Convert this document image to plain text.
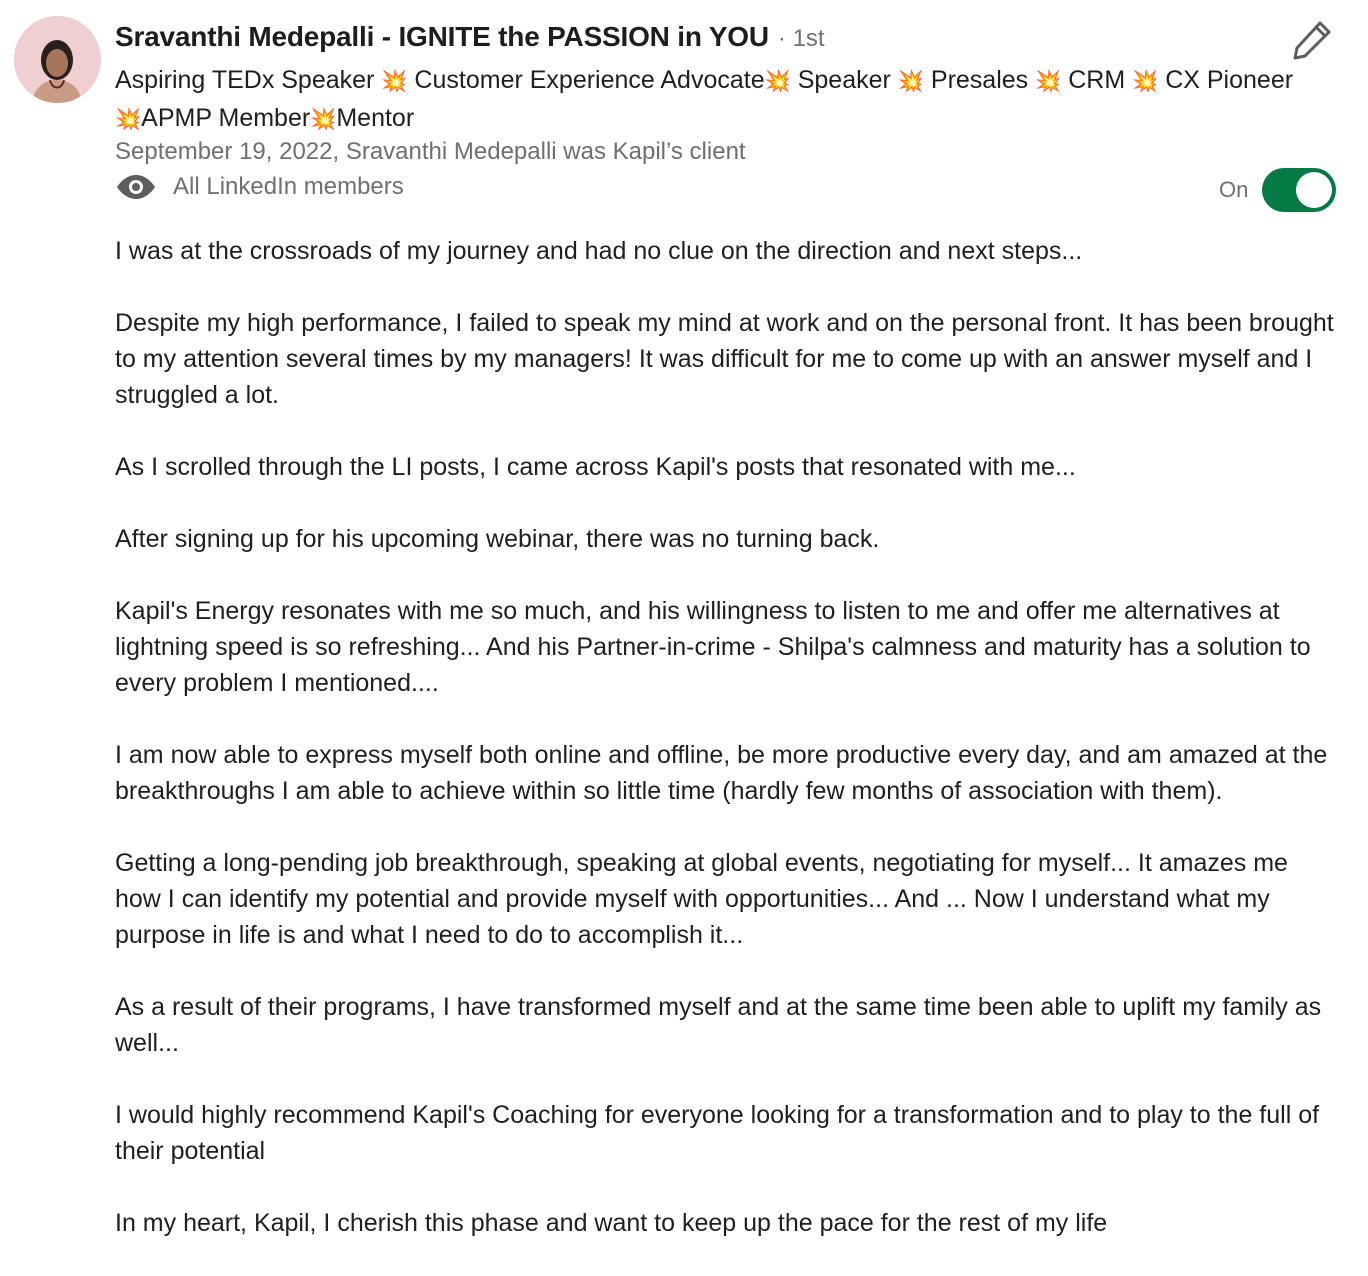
Sravanthi Medepalli - IGNITE the PASSION in YOU · 1st
Aspiring TEDx Speaker 💥 Customer Experience Advocate💥 Speaker 💥 Presales 💥 CRM 💥 CX Pioneer 💥APMP Member💥Mentor
September 19, 2022, Sravanthi Medepalli was Kapil’s client
All LinkedIn members	On

I was at the crossroads of my journey and had no clue on the direction and next steps...

Despite my high performance, I failed to speak my mind at work and on the personal front. It has been brought to my attention several times by my managers! It was difficult for me to come up with an answer myself and I struggled a lot.

As I scrolled through the LI posts, I came across Kapil's posts that resonated with me...

After signing up for his upcoming webinar, there was no turning back.

Kapil's Energy resonates with me so much, and his willingness to listen to me and offer me alternatives at lightning speed is so refreshing... And his Partner-in-crime - Shilpa's calmness and maturity has a solution to every problem I mentioned....

I am now able to express myself both online and offline, be more productive every day, and am amazed at the breakthroughs I am able to achieve within so little time (hardly few months of association with them).

Getting a long-pending job breakthrough, speaking at global events, negotiating for myself... It amazes me how I can identify my potential and provide myself with opportunities... And ... Now I understand what my purpose in life is and what I need to do to accomplish it...

As a result of their programs, I have transformed myself and at the same time been able to uplift my family as well...

I would highly recommend Kapil's Coaching for everyone looking for a transformation and to play to the full of their potential

In my heart, Kapil, I cherish this phase and want to keep up the pace for the rest of my life
